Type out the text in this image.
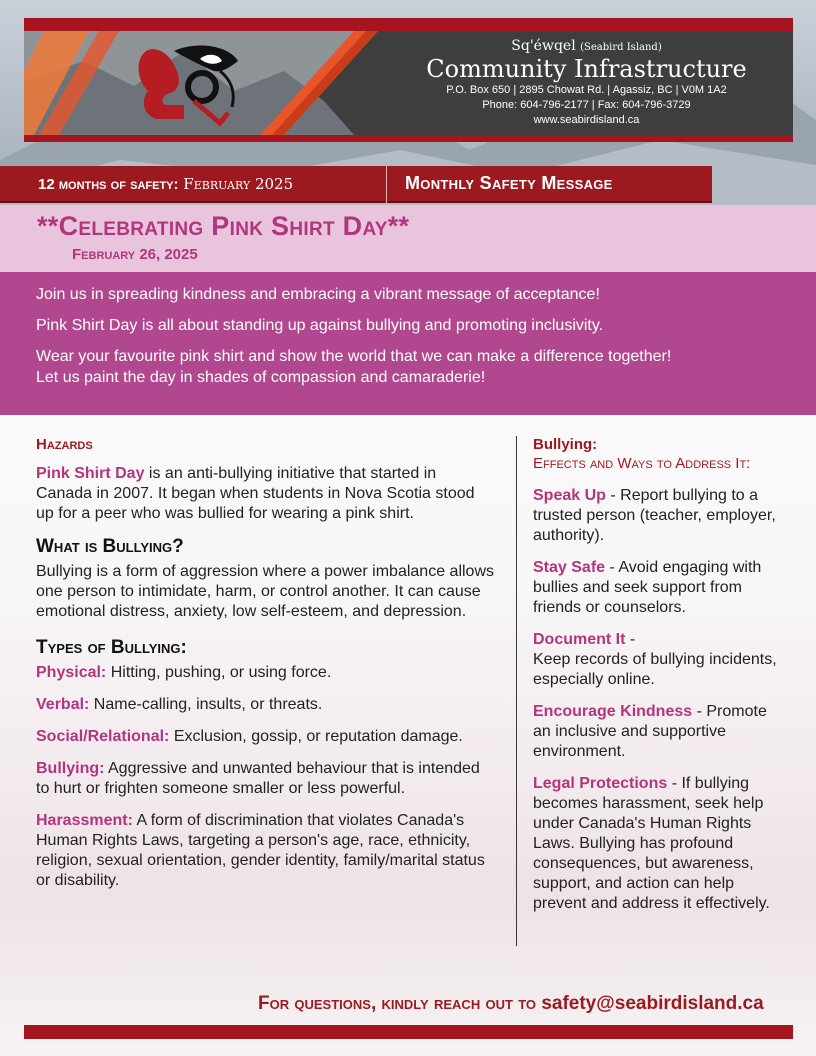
Sq'éwqel (Seabird Island)
Community Infrastructure
P.O. Box 650 | 2895 Chowat Rd. | Agassiz, BC | V0M 1A2
Phone: 604-796-2177 | Fax: 604-796-3729
www.seabirdisland.ca
12 months of safety: February 2025	Monthly Safety Message
**Celebrating Pink Shirt Day**
February 26, 2025

Join us in spreading kindness and embracing a vibrant message of acceptance!

Pink Shirt Day is all about standing up against bullying and promoting inclusivity.

Wear your favourite pink shirt and show the world that we can make a difference together!

Let us paint the day in shades of compassion and camaraderie!

Hazards
Pink Shirt Day is an anti-bullying initiative that started in Canada in 2007. It began when students in Nova Scotia stood up for a peer who was bullied for wearing a pink shirt.
What is Bullying?
Bullying is a form of aggression where a power imbalance allows one person to intimidate, harm, or control another. It can cause emotional distress, anxiety, low self-esteem, and depression.
Types of Bullying:
Physical: Hitting, pushing, or using force.
Verbal: Name-calling, insults, or threats.
Social/Relational: Exclusion, gossip, or reputation damage.
Bullying: Aggressive and unwanted behaviour that is intended to hurt or frighten someone smaller or less powerful.
Harassment: A form of discrimination that violates Canada's Human Rights Laws, targeting a person's age, race, ethnicity, religion, sexual orientation, gender identity, family/marital status or disability.
Bullying:
Effects and Ways to Address It:
Speak Up - Report bullying to a trusted person (teacher, employer, authority).
Stay Safe - Avoid engaging with bullies and seek support from friends or counselors.
Document It -
Keep records of bullying incidents, especially online.
Encourage Kindness - Promote an inclusive and supportive environment.
Legal Protections - If bullying becomes harassment, seek help under Canada's Human Rights Laws. Bullying has profound consequences, but awareness, support, and action can help prevent and address it effectively.
For questions, kindly reach out to safety@seabirdisland.ca
